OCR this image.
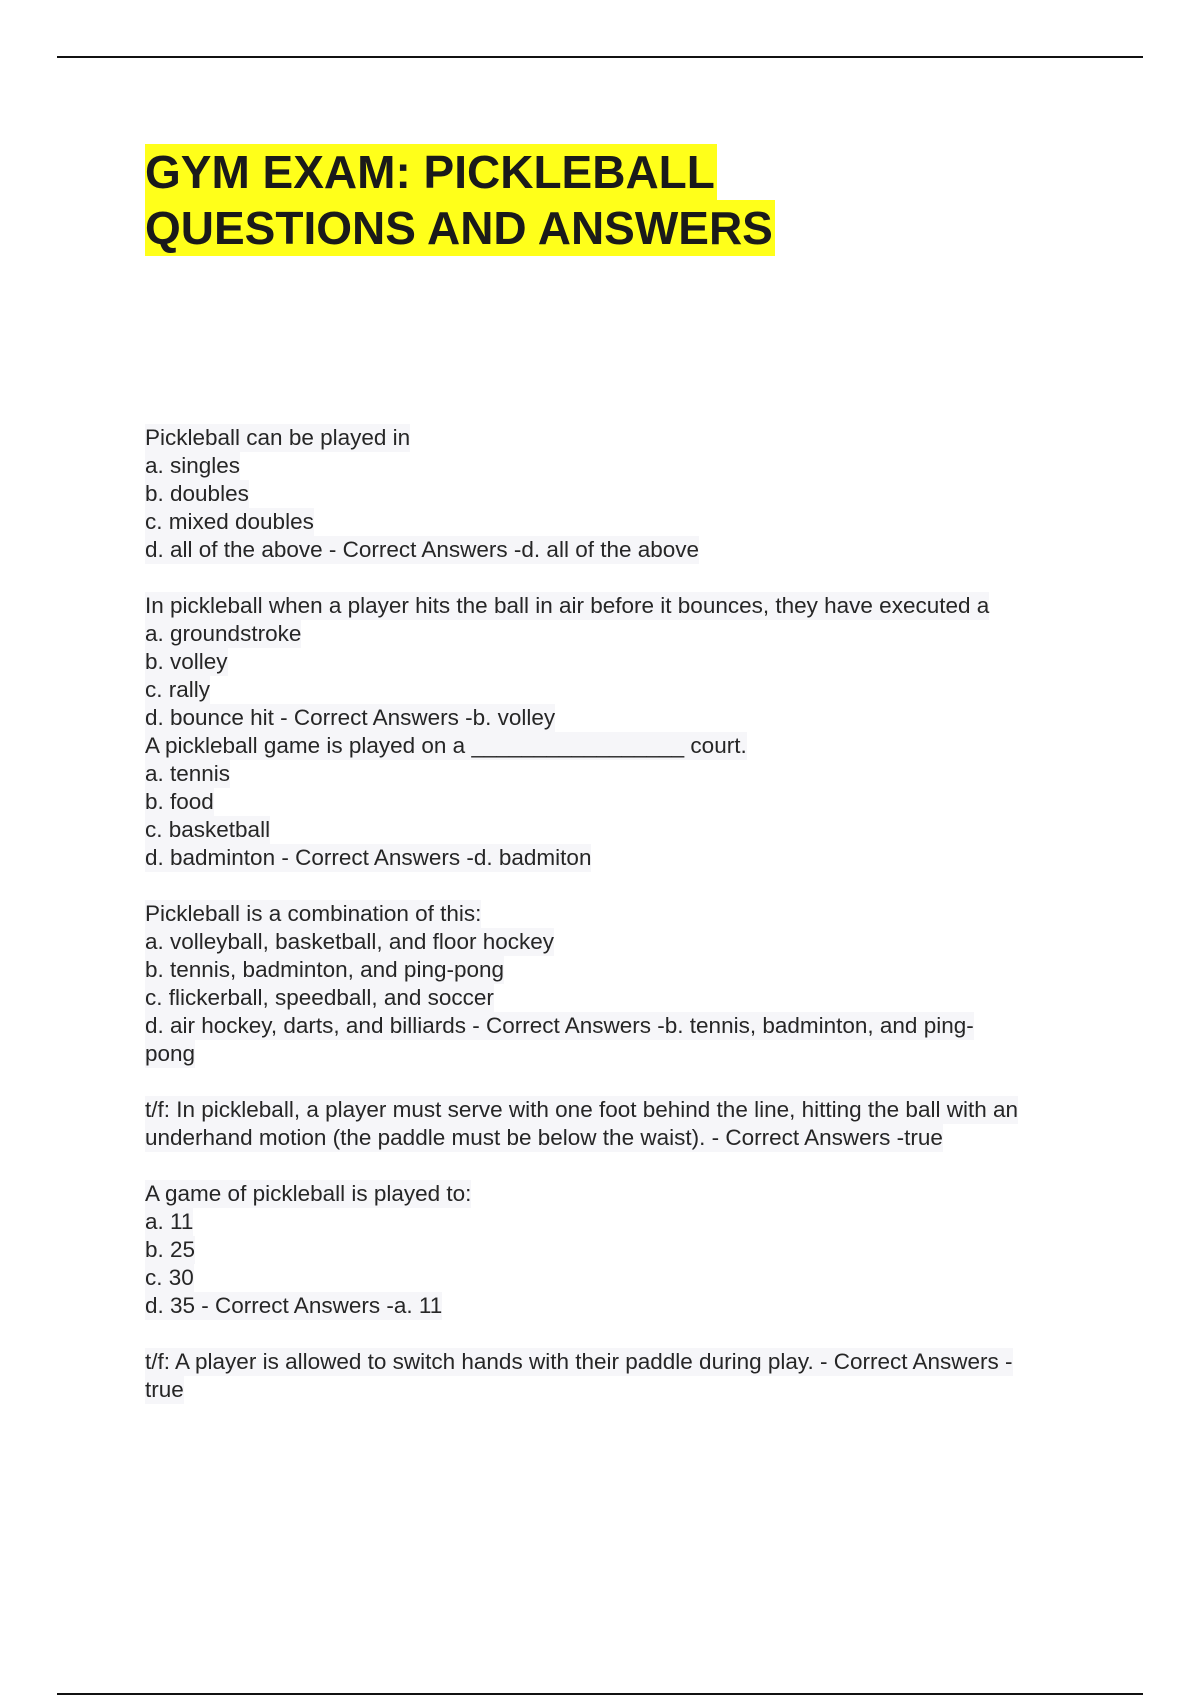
GYM EXAM: PICKLEBALL
QUESTIONS AND ANSWERS
Pickleball can be played in
a. singles
b. doubles
c. mixed doubles
d. all of the above - Correct Answers -d. all of the above
In pickleball when a player hits the ball in air before it bounces, they have executed a
a. groundstroke
b. volley
c. rally
d. bounce hit - Correct Answers -b. volley
A pickleball game is played on a _________________ court.
a. tennis
b. food
c. basketball
d. badminton - Correct Answers -d. badmiton
Pickleball is a combination of this:
a. volleyball, basketball, and floor hockey
b. tennis, badminton, and ping-pong
c. flickerball, speedball, and soccer
d. air hockey, darts, and billiards - Correct Answers -b. tennis, badminton, and ping-
pong
t/f: In pickleball, a player must serve with one foot behind the line, hitting the ball with an
underhand motion (the paddle must be below the waist). - Correct Answers -true
A game of pickleball is played to:
a. 11
b. 25
c. 30
d. 35 - Correct Answers -a. 11
t/f: A player is allowed to switch hands with their paddle during play. - Correct Answers -
true
